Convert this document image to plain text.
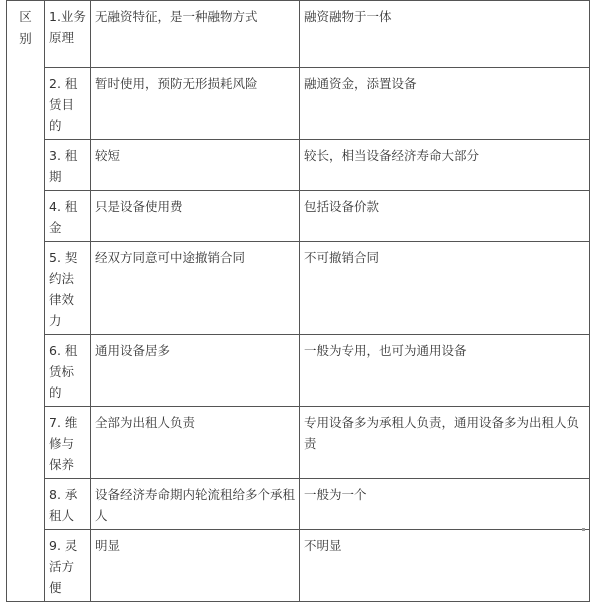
区
别	1.业务原理	无融资特征，是一种融物方式	融资融物于一体
	2. 租赁目的	暂时使用，预防无形损耗风险	融通资金，添置设备
	3. 租期	较短	较长，相当设备经济寿命大部分
	4. 租金	只是设备使用费	包括设备价款
	5. 契约法律效力	经双方同意可中途撤销合同	不可撤销合同
	6. 租赁标的	通用设备居多	一般为专用，也可为通用设备
	7. 维修与保养	全部为出租人负责	专用设备多为承租人负责，通用设备多为出租人负责
	8. 承租人	设备经济寿命期内轮流租给多个承租人	一般为一个
	9. 灵活方便	明显	不明显
